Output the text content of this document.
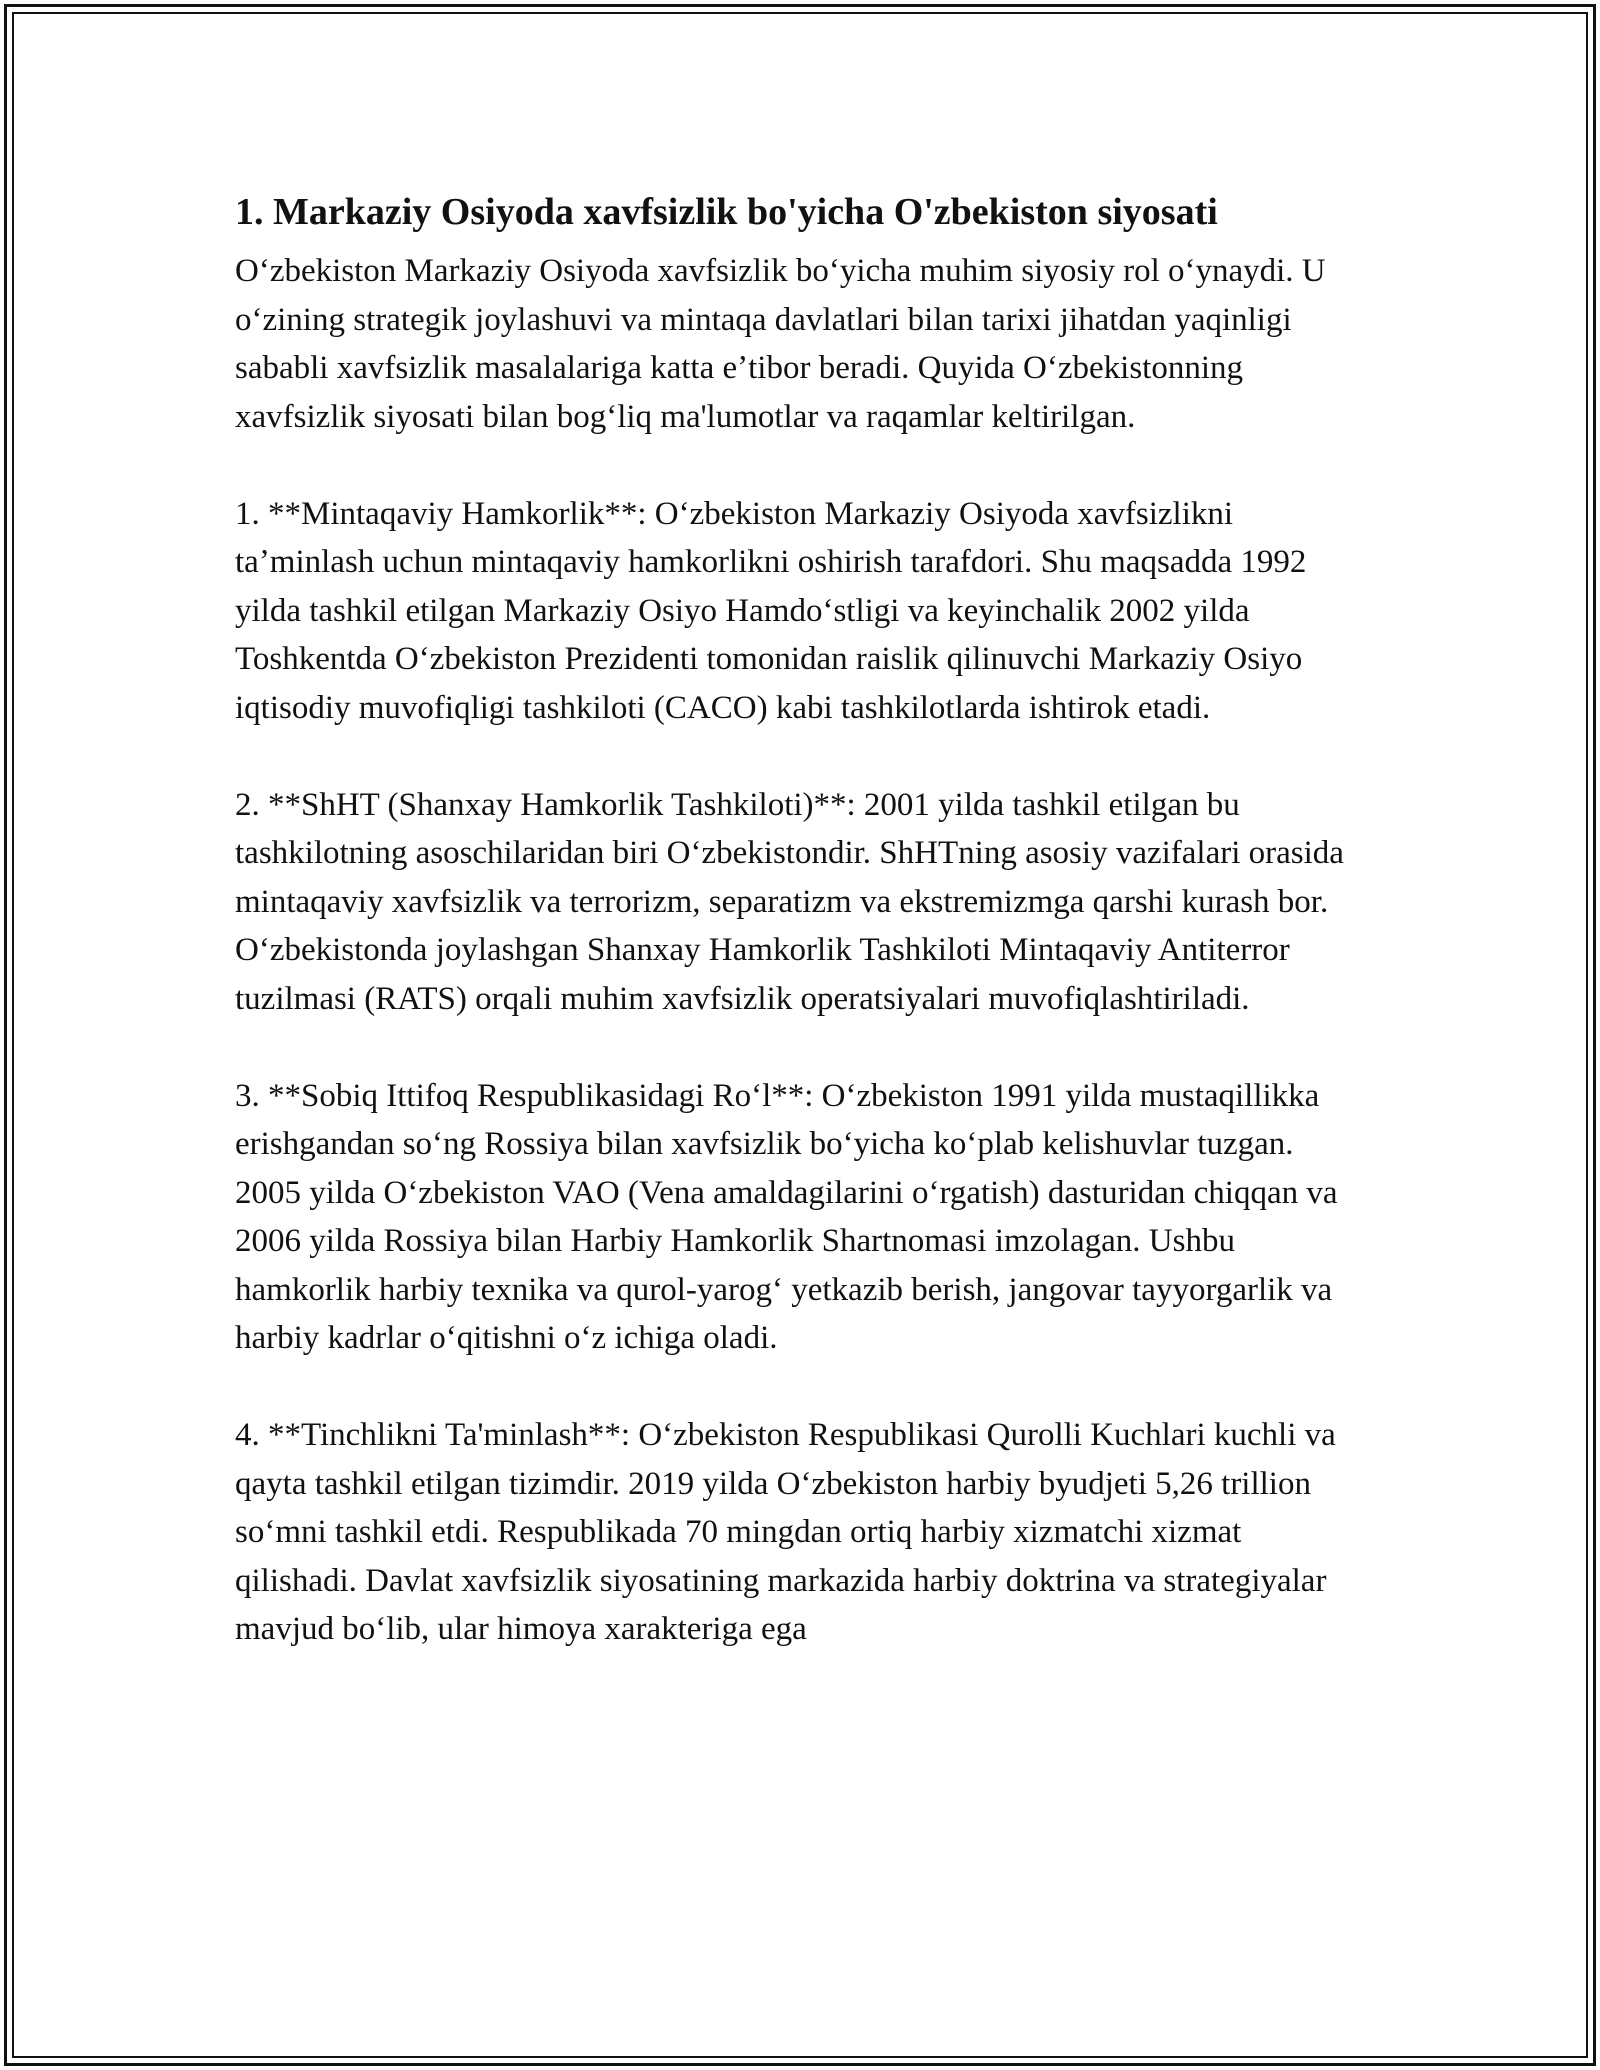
1. Markaziy Osiyoda xavfsizlik bo'yicha O'zbekiston siyosati

Oʻzbekiston Markaziy Osiyoda xavfsizlik boʻyicha muhim siyosiy rol oʻynaydi. U oʻzining strategik joylashuvi va mintaqa davlatlari bilan tarixi jihatdan yaqinligi sababli xavfsizlik masalalariga katta eʼtibor beradi. Quyida Oʻzbekistonning xavfsizlik siyosati bilan bogʻliq ma'lumotlar va raqamlar keltirilgan.

1. **Mintaqaviy Hamkorlik**: Oʻzbekiston Markaziy Osiyoda xavfsizlikni taʼminlash uchun mintaqaviy hamkorlikni oshirish tarafdori. Shu maqsadda 1992 yilda tashkil etilgan Markaziy Osiyo Hamdoʻstligi va keyinchalik 2002 yilda Toshkentda Oʻzbekiston Prezidenti tomonidan raislik qilinuvchi Markaziy Osiyo iqtisodiy muvofiqligi tashkiloti (CACO) kabi tashkilotlarda ishtirok etadi.

2. **ShHT (Shanxay Hamkorlik Tashkiloti)**: 2001 yilda tashkil etilgan bu tashkilotning asoschilaridan biri Oʻzbekistondir. ShHTning asosiy vazifalari orasida mintaqaviy xavfsizlik va terrorizm, separatizm va ekstremizmga qarshi kurash bor. Oʻzbekistonda joylashgan Shanxay Hamkorlik Tashkiloti Mintaqaviy Antiterror tuzilmasi (RATS) orqali muhim xavfsizlik operatsiyalari muvofiqlashtiriladi.

3. **Sobiq Ittifoq Respublikasidagi Roʻl**: Oʻzbekiston 1991 yilda mustaqillikka erishgandan soʻng Rossiya bilan xavfsizlik boʻyicha koʻplab kelishuvlar tuzgan. 2005 yilda Oʻzbekiston VAO (Vena amaldagilarini oʻrgatish) dasturidan chiqqan va 2006 yilda Rossiya bilan Harbiy Hamkorlik Shartnomasi imzolagan. Ushbu hamkorlik harbiy texnika va qurol-yarogʻ yetkazib berish, jangovar tayyorgarlik va harbiy kadrlar oʻqitishni oʻz ichiga oladi.

4. **Tinchlikni Ta'minlash**: Oʻzbekiston Respublikasi Qurolli Kuchlari kuchli va qayta tashkil etilgan tizimdir. 2019 yilda Oʻzbekiston harbiy byudjeti 5,26 trillion soʻmni tashkil etdi. Respublikada 70 mingdan ortiq harbiy xizmatchi xizmat qilishadi. Davlat xavfsizlik siyosatining markazida harbiy doktrina va strategiyalar mavjud boʻlib, ular himoya xarakteriga ega
